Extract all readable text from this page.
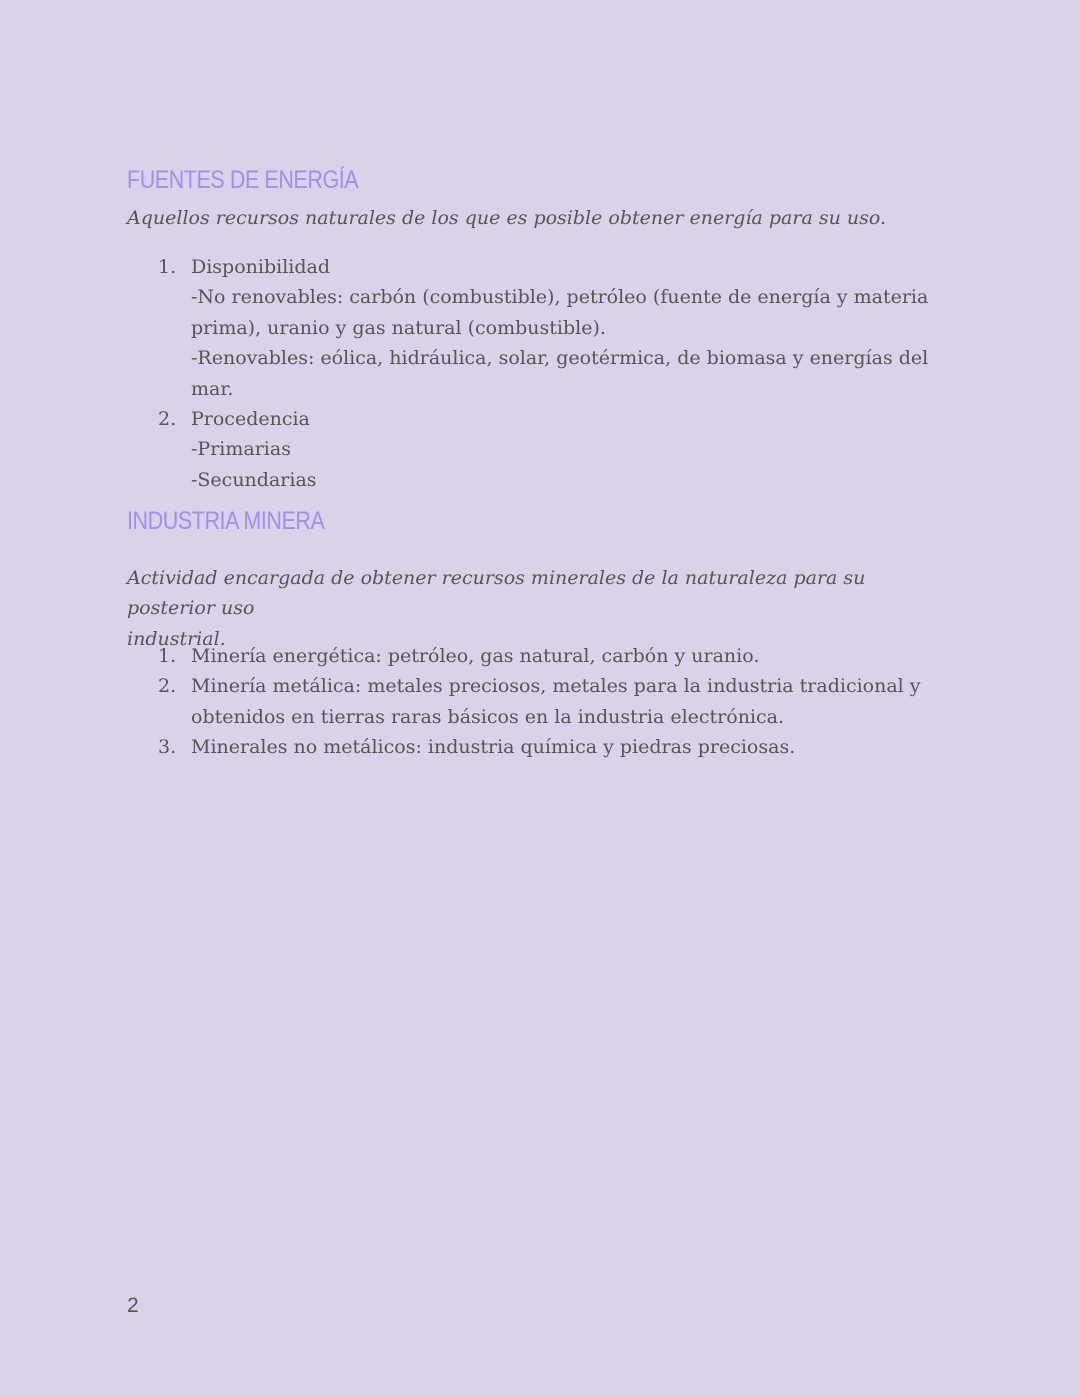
FUENTES DE ENERGÍA
Aquellos recursos naturales de los que es posible obtener energía para su uso.
1. Disponibilidad
-No renovables: carbón (combustible), petróleo (fuente de energía y materia
prima), uranio y gas natural (combustible).
-Renovables: eólica, hidráulica, solar, geotérmica, de biomasa y energías del mar.
2. Procedencia
-Primarias
-Secundarias
INDUSTRIA MINERA
Actividad encargada de obtener recursos minerales de la naturaleza para su posterior uso
industrial.
1. Minería energética: petróleo, gas natural, carbón y uranio.
2. Minería metálica: metales preciosos, metales para la industria tradicional y
obtenidos en tierras raras básicos en la industria electrónica.
3. Minerales no metálicos: industria química y piedras preciosas.
2
